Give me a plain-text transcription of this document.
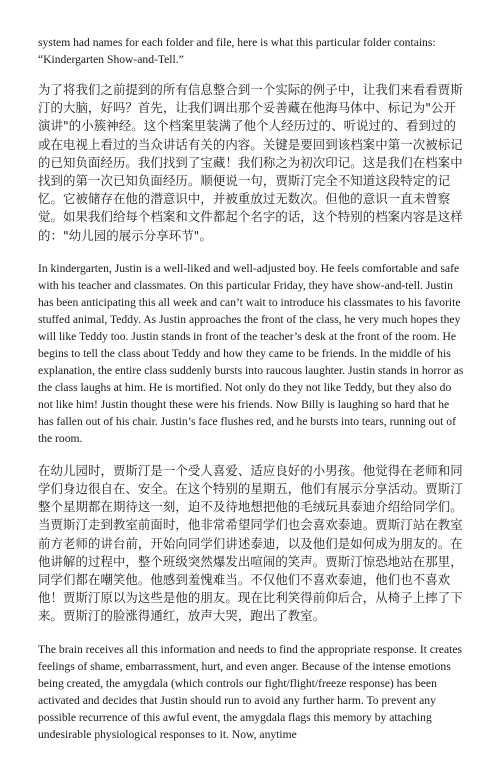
system had names for each folder and file, here is what this particular folder contains: “Kindergarten Show-and-Tell.”

为了将我们之前提到的所有信息整合到一个实际的例子中，让我们来看看贾斯汀的大脑，好吗？首先，让我们调出那个妥善藏在他海马体中、标记为"公开演讲"的小簇神经。这个档案里装满了他个人经历过的、听说过的、看到过的或在电视上看过的当众讲话有关的内容。关键是要回到该档案中第一次被标记的已知负面经历。我们找到了宝藏！我们称之为初次印记。这是我们在档案中找到的第一次已知负面经历。顺便说一句，贾斯汀完全不知道这段特定的记忆。它被储存在他的潜意识中，并被重放过无数次。但他的意识一直未曾察觉。如果我们给每个档案和文件都起个名字的话，这个特别的档案内容是这样的："幼儿园的展示分享环节"。

In kindergarten, Justin is a well-liked and well-adjusted boy. He feels comfortable and safe with his teacher and classmates. On this particular Friday, they have show-and-tell. Justin has been anticipating this all week and can’t wait to introduce his classmates to his favorite stuffed animal, Teddy. As Justin approaches the front of the class, he very much hopes they will like Teddy too. Justin stands in front of the teacher’s desk at the front of the room. He begins to tell the class about Teddy and how they came to be friends. In the middle of his explanation, the entire class suddenly bursts into raucous laughter. Justin stands in horror as the class laughs at him. He is mortified. Not only do they not like Teddy, but they also do not like him! Justin thought these were his friends. Now Billy is laughing so hard that he has fallen out of his chair. Justin’s face flushes red, and he bursts into tears, running out of the room.

在幼儿园时，贾斯汀是一个受人喜爱、适应良好的小男孩。他觉得在老师和同学们身边很自在、安全。在这个特别的星期五，他们有展示分享活动。贾斯汀整个星期都在期待这一刻，迫不及待地想把他的毛绒玩具泰迪介绍给同学们。当贾斯汀走到教室前面时，他非常希望同学们也会喜欢泰迪。贾斯汀站在教室前方老师的讲台前，开始向同学们讲述泰迪，以及他们是如何成为朋友的。在他讲解的过程中，整个班级突然爆发出喧闹的笑声。贾斯汀惊恐地站在那里，同学们都在嘲笑他。他感到羞愧难当。不仅他们不喜欢泰迪，他们也不喜欢他！贾斯汀原以为这些是他的朋友。现在比利笑得前仰后合，从椅子上摔了下来。贾斯汀的脸涨得通红，放声大哭，跑出了教室。

The brain receives all this information and needs to find the appropriate response. It creates feelings of shame, embarrassment, hurt, and even anger. Because of the intense emotions being created, the amygdala (which controls our fight/flight/freeze response) has been activated and decides that Justin should run to avoid any further harm. To prevent any possible recurrence of this awful event, the amygdala flags this memory by attaching undesirable physiological responses to it. Now, anytime
